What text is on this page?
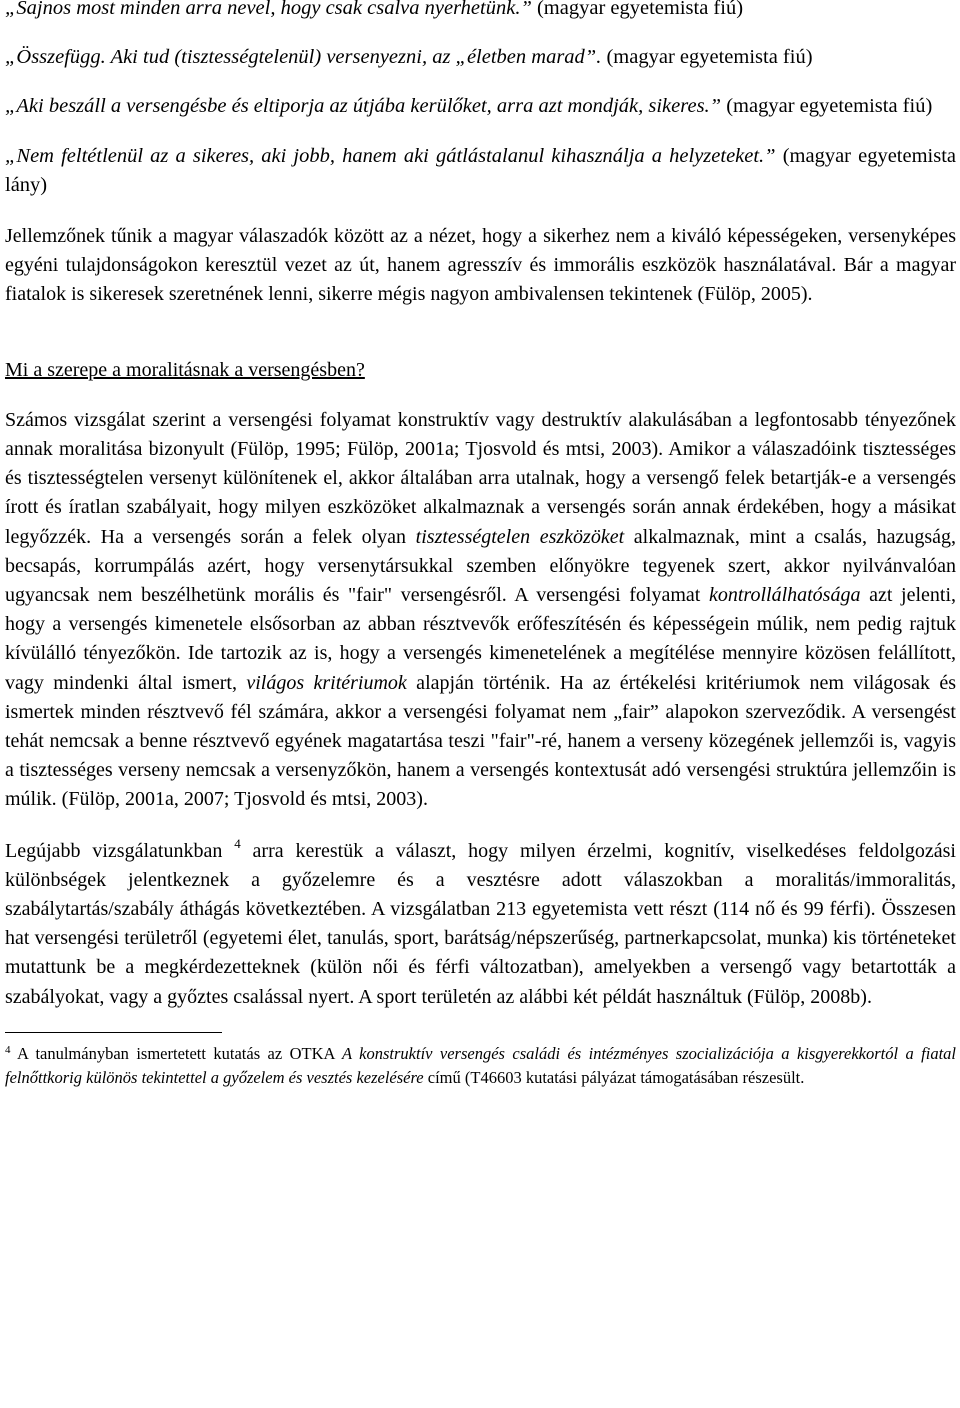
„Sajnos most minden arra nevel, hogy csak csalva nyerhetünk.” (magyar egyetemista fiú)

„Összefügg. Aki tud (tisztességtelenül) versenyezni, az „életben marad”. (magyar egyetemista fiú)

„Aki beszáll a versengésbe és eltiporja az útjába kerülőket, arra azt mondják, sikeres.” (magyar egyetemista fiú)

„Nem feltétlenül az a sikeres, aki jobb, hanem aki gátlástalanul kihasználja a helyzeteket.” (magyar egyetemista lány)

Jellemzőnek tűnik a magyar válaszadók között az a nézet, hogy a sikerhez nem a kiváló képességeken, versenyképes egyéni tulajdonságokon keresztül vezet az út, hanem agresszív és immorális eszközök használatával. Bár a magyar fiatalok is sikeresek szeretnének lenni, sikerre mégis nagyon ambivalensen tekintenek (Fülöp, 2005).

Mi a szerepe a moralitásnak a versengésben?

Számos vizsgálat szerint a versengési folyamat konstruktív vagy destruktív alakulásában a legfontosabb tényezőnek annak moralitása bizonyult (Fülöp, 1995; Fülöp, 2001a; Tjosvold és mtsi, 2003). Amikor a válaszadóink tisztességes és tisztességtelen versenyt különítenek el, akkor általában arra utalnak, hogy a versengő felek betartják-e a versengés írott és íratlan szabályait, hogy milyen eszközöket alkalmaznak a versengés során annak érdekében, hogy a másikat legyőzzék. Ha a versengés során a felek olyan tisztességtelen eszközöket alkalmaznak, mint a csalás, hazugság, becsapás, korrumpálás azért, hogy versenytársukkal szemben előnyökre tegyenek szert, akkor nyilvánvalóan ugyancsak nem beszélhetünk morális és "fair" versengésről. A versengési folyamat kontrollálhatósága azt jelenti, hogy a versengés kimenetele elsősorban az abban résztvevők erőfeszítésén és képességein múlik, nem pedig rajtuk kívülálló tényezőkön. Ide tartozik az is, hogy a versengés kimenetelének a megítélése mennyire közösen felállított, vagy mindenki által ismert, világos kritériumok alapján történik. Ha az értékelési kritériumok nem világosak és ismertek minden résztvevő fél számára, akkor a versengési folyamat nem „fair” alapokon szerveződik. A versengést tehát nemcsak a benne résztvevő egyének magatartása teszi "fair"-ré, hanem a verseny közegének jellemzői is, vagyis a tisztességes verseny nemcsak a versenyzőkön, hanem a versengés kontextusát adó versengési struktúra jellemzőin is múlik. (Fülöp, 2001a, 2007; Tjosvold és mtsi, 2003).

Legújabb vizsgálatunkban $^4$ arra kerestük a választ, hogy milyen érzelmi, kognitív, viselkedéses feldolgozási különbségek jelentkeznek a győzelemre és a vesztésre adott válaszokban a moralitás/immoralitás, szabálytartás/szabály áthágás következtében. A vizsgálatban 213 egyetemista vett részt (114 nő és 99 férfi). Összesen hat versengési területről (egyetemi élet, tanulás, sport, barátság/népszerűség, partnerkapcsolat, munka) kis történeteket mutattunk be a megkérdezetteknek (külön női és férfi változatban), amelyekben a versengő vagy betartották a szabályokat, vagy a győztes csalással nyert. A sport területén az alábbi két példát használtuk (Fülöp, 2008b).

$^4$ A tanulmányban ismertetett kutatás az OTKA A konstruktív versengés családi és intézményes szocializációja a kisgyerekkortól a fiatal felnőttkorig különös tekintettel a győzelem és vesztés kezelésére című (T46603 kutatási pályázat támogatásában részesült.
